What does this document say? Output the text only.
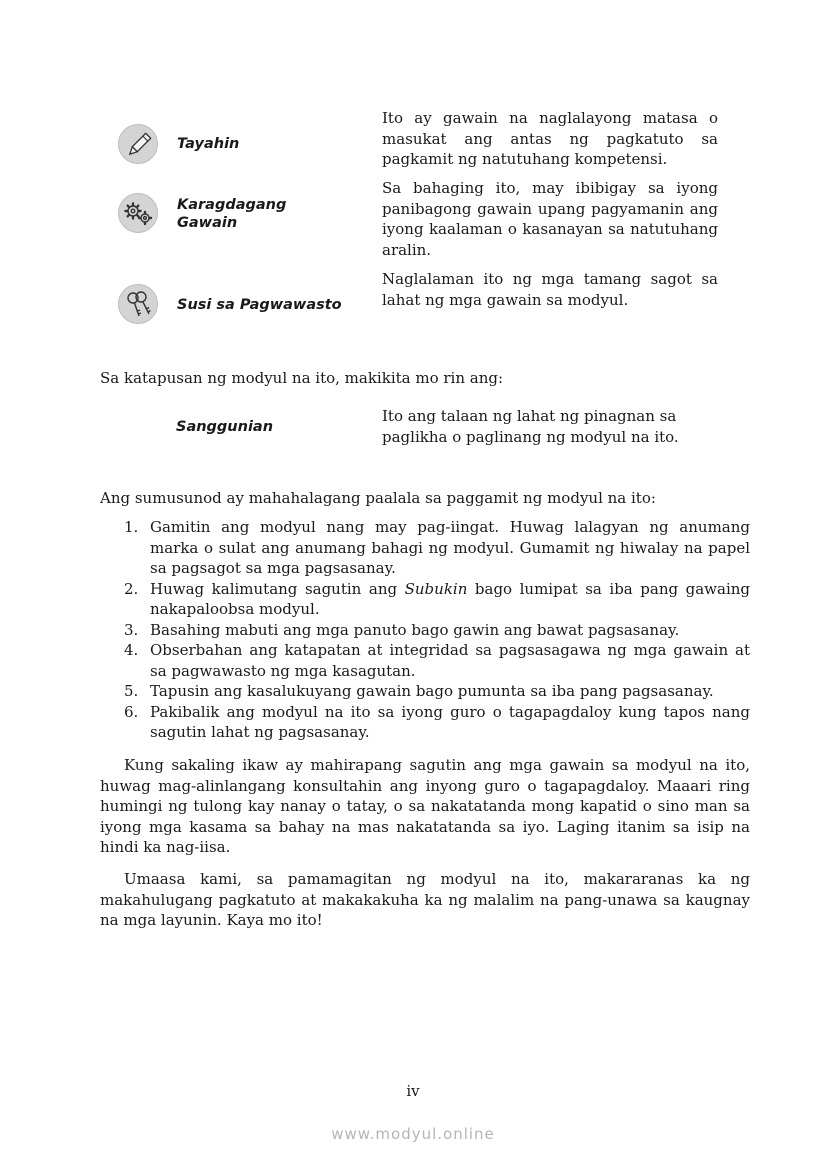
Tayahin
Ito ay gawain na naglalayong matasa o masukat ang antas ng pagkatuto sa pagkamit ng natutuhang kompetensi.
Karagdagang Gawain
Sa bahaging ito, may ibibigay sa iyong panibagong gawain upang pagyamanin ang iyong kaalaman o kasanayan sa natutuhang aralin.
Susi sa Pagwawasto
Naglalaman ito ng mga tamang sagot sa lahat ng mga gawain sa modyul.
Sa katapusan ng modyul na ito, makikita mo rin ang:
Sanggunian
Ito ang talaan ng lahat ng pinagnan sa paglikha o paglinang ng modyul na ito.
Ang sumusunod ay mahahalagang paalala sa paggamit ng modyul na ito:
1. Gamitin ang modyul nang may pag-iingat. Huwag lalagyan ng anumang marka o sulat ang anumang bahagi ng modyul. Gumamit ng hiwalay na papel sa pagsagot sa mga pagsasanay.
2. Huwag kalimutang sagutin ang Subukin bago lumipat sa iba pang gawaing nakapaloobsa modyul.
3. Basahing mabuti ang mga panuto bago gawin ang bawat pagsasanay.
4. Obserbahan ang katapatan at integridad sa pagsasagawa ng mga gawain at sa pagwawasto ng mga kasagutan.
5. Tapusin ang kasalukuyang gawain bago pumunta sa iba pang pagsasanay.
6. Pakibalik ang modyul na ito sa iyong guro o tagapagdaloy kung tapos nang sagutin lahat ng pagsasanay.
Kung sakaling ikaw ay mahirapang sagutin ang mga gawain sa modyul na ito, huwag mag-alinlangang konsultahin ang inyong guro o tagapagdaloy. Maaari ring humingi ng tulong kay nanay o tatay, o sa nakatatanda mong kapatid o sino man sa iyong mga kasama sa bahay na mas nakatatanda sa iyo. Laging itanim sa isip na hindi ka nag-iisa.
Umaasa kami, sa pamamagitan ng modyul na ito, makararanas ka ng makahulugang pagkatuto at makakakuha ka ng malalim na pang-unawa sa kaugnay na mga layunin. Kaya mo ito!
iv
www.modyul.online
